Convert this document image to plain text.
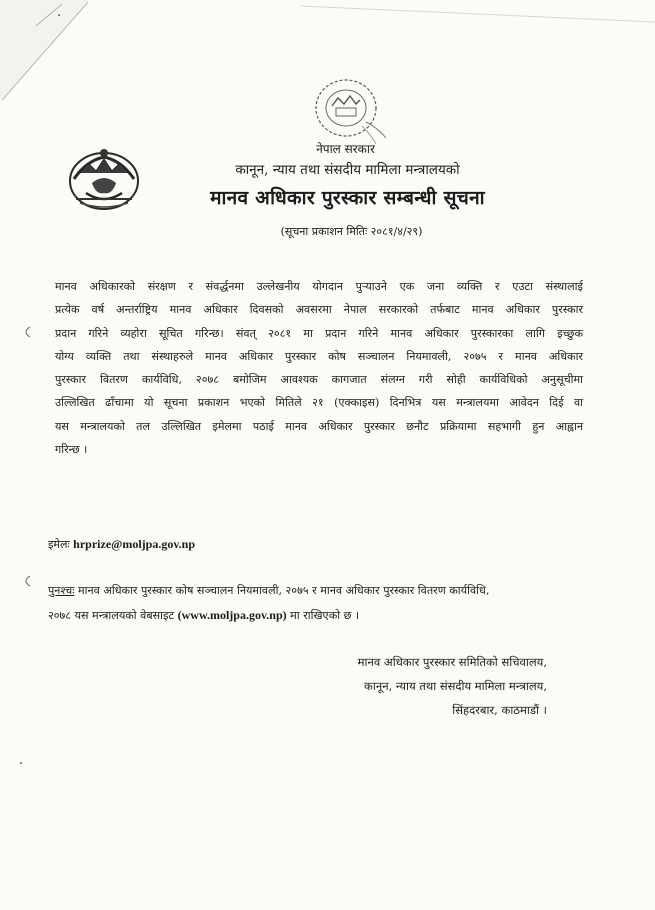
नेपाल सरकार
कानून, न्याय तथा संसदीय मामिला मन्त्रालयको
मानव अधिकार पुरस्कार सम्बन्धी सूचना
(सूचना प्रकाशन मितिः २०८१/४/२९)

मानव अधिकारको संरक्षण र संवर्द्धनमा उल्लेखनीय योगदान पुऱ्याउने एक जना व्यक्ति र एउटा संस्थालाई
प्रत्येक वर्ष अन्तर्राष्ट्रिय मानव अधिकार दिवसको अवसरमा नेपाल सरकारको तर्फबाट मानव अधिकार पुरस्कार
प्रदान गरिने व्यहोरा सूचित गरिन्छ। संवत् २०८१ मा प्रदान गरिने मानव अधिकार पुरस्कारका लागि इच्छुक
योग्य व्यक्ति तथा संस्थाहरुले मानव अधिकार पुरस्कार कोष सञ्चालन नियमावली, २०७५ र मानव अधिकार
पुरस्कार वितरण कार्यविधि, २०७८ बमोजिम आवश्यक कागजात संलग्न गरी सोही कार्यविधिको अनुसूचीमा
उल्लिखित ढाँचामा यो सूचना प्रकाशन भएको मितिले २१ (एक्काइस) दिनभित्र यस मन्त्रालयमा आवेदन दिई वा
यस मन्त्रालयको तल उल्लिखित इमेलमा पठाई मानव अधिकार पुरस्कार छनौट प्रक्रियामा सहभागी हुन आह्वान
गरिन्छ ।

इमेलः hrprize@moljpa.gov.np

पुनश्चः मानव अधिकार पुरस्कार कोष सञ्चालन नियमावली, २०७५ र मानव अधिकार पुरस्कार वितरण कार्यविधि,
२०७८ यस मन्त्रालयको वेबसाइट (www.moljpa.gov.np) मा राखिएको छ ।

मानव अधिकार पुरस्कार समितिको सचिवालय,
कानून, न्याय तथा संसदीय मामिला मन्त्रालय,
सिंहदरबार, काठमाडौं ।
